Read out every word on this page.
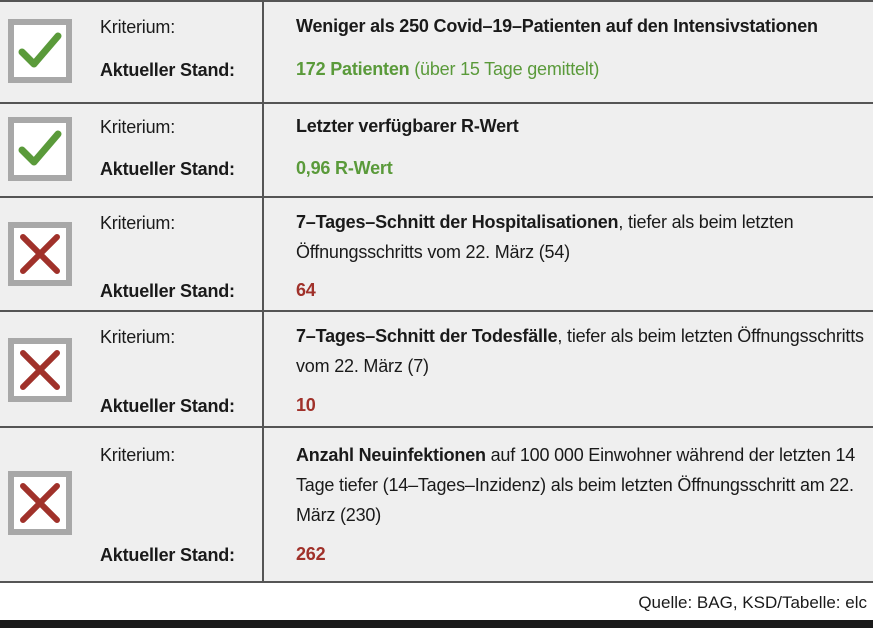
Kriterium:
Aktueller Stand:
Weniger als 250 Covid–19–Patienten auf den Intensivstationen
172 Patienten (über 15 Tage gemittelt)
Kriterium:
Aktueller Stand:
Letzter verfügbarer R-Wert
0,96 R-Wert
Kriterium:
Aktueller Stand:
7–Tages–Schnitt der Hospitalisationen, tiefer als beim letzten Öffnungsschritts vom 22. März (54)
64
Kriterium:
Aktueller Stand:
7–Tages–Schnitt der Todesfälle, tiefer als beim letzten Öffnungsschritts vom 22. März (7)
10
Kriterium:
Aktueller Stand:
Anzahl Neuinfektionen auf 100 000 Einwohner während der letzten 14 Tage tiefer (14–Tages–Inzidenz) als beim letzten Öffnungsschritt am 22. März (230)
262
Quelle: BAG, KSD/Tabelle: elc
